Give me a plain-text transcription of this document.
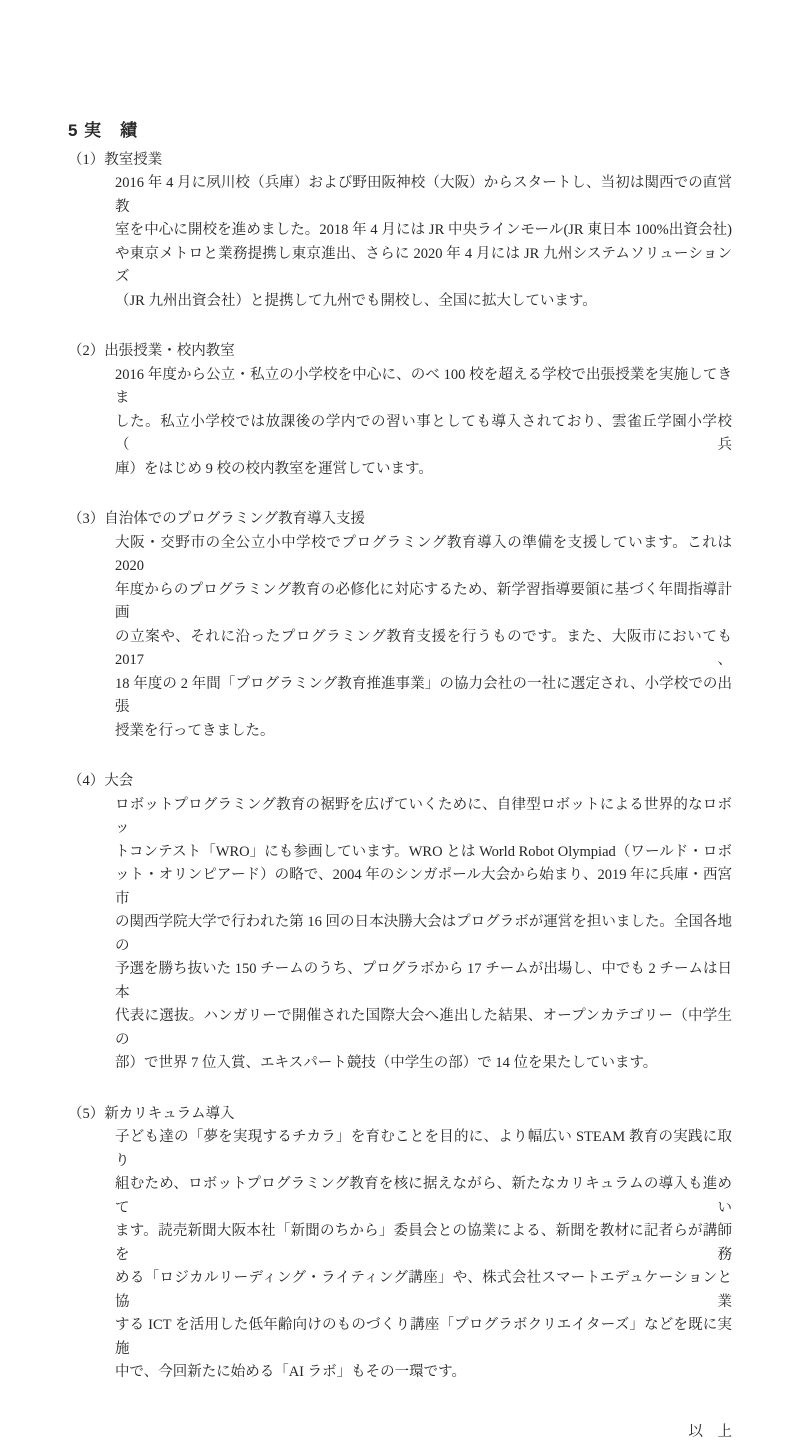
5 実　績
（1）教室授業
2016 年 4 月に夙川校（兵庫）および野田阪神校（大阪）からスタートし、当初は関西での直営教
室を中心に開校を進めました。2018 年 4 月には JR 中央ラインモール(JR 東日本 100%出資会社)
や東京メトロと業務提携し東京進出、さらに 2020 年 4 月には JR 九州システムソリューションズ
（JR 九州出資会社）と提携して九州でも開校し、全国に拡大しています。
（2）出張授業・校内教室
2016 年度から公立・私立の小学校を中心に、のべ 100 校を超える学校で出張授業を実施してきま
した。私立小学校では放課後の学内での習い事としても導入されており、雲雀丘学園小学校（兵
庫）をはじめ 9 校の校内教室を運営しています。
（3）自治体でのプログラミング教育導入支援
大阪・交野市の全公立小中学校でプログラミング教育導入の準備を支援しています。これは 2020
年度からのプログラミング教育の必修化に対応するため、新学習指導要領に基づく年間指導計画
の立案や、それに沿ったプログラミング教育支援を行うものです。また、大阪市においても 2017、
18 年度の 2 年間「プログラミング教育推進事業」の協力会社の一社に選定され、小学校での出張
授業を行ってきました。
（4）大会
ロボットプログラミング教育の裾野を広げていくために、自律型ロボットによる世界的なロボッ
トコンテスト「WRO」にも参画しています。WRO とは World Robot Olympiad（ワールド・ロボ
ット・オリンピアード）の略で、2004 年のシンガポール大会から始まり、2019 年に兵庫・西宮市
の関西学院大学で行われた第 16 回の日本決勝大会はプログラボが運営を担いました。全国各地の
予選を勝ち抜いた 150 チームのうち、プログラボから 17 チームが出場し、中でも 2 チームは日本
代表に選抜。ハンガリーで開催された国際大会へ進出した結果、オープンカテゴリー（中学生の
部）で世界 7 位入賞、エキスパート競技（中学生の部）で 14 位を果たしています。
（5）新カリキュラム導入
子ども達の「夢を実現するチカラ」を育むことを目的に、より幅広い STEAM 教育の実践に取り
組むため、ロボットプログラミング教育を核に据えながら、新たなカリキュラムの導入も進めてい
ます。読売新聞大阪本社「新聞のちから」委員会との協業による、新聞を教材に記者らが講師を務
める「ロジカルリーディング・ライティング講座」や、株式会社スマートエデュケーションと協業
する ICT を活用した低年齢向けのものづくり講座「プログラボクリエイターズ」などを既に実施
中で、今回新たに始める「AI ラボ」もその一環です。
以　上
